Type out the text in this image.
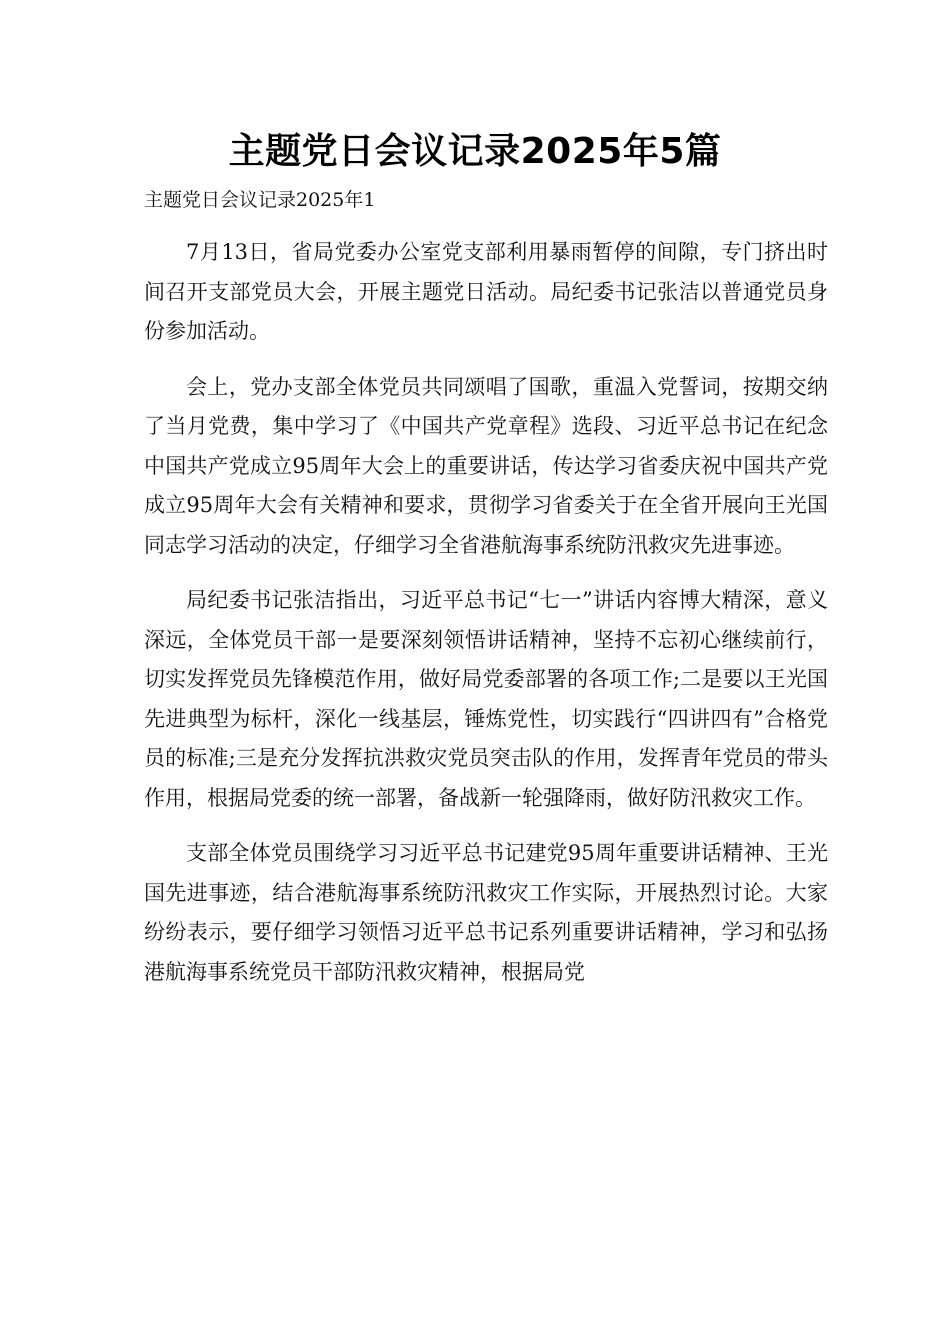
主题党日会议记录2025年5篇

主题党日会议记录2025年1

7月13日，省局党委办公室党支部利用暴雨暂停的间隙，专门挤出时间召开支部党员大会，开展主题党日活动。局纪委书记张洁以普通党员身份参加活动。

会上，党办支部全体党员共同颂唱了国歌，重温入党誓词，按期交纳了当月党费，集中学习了《中国共产党章程》选段、习近平总书记在纪念中国共产党成立95周年大会上的重要讲话，传达学习省委庆祝中国共产党成立95周年大会有关精神和要求，贯彻学习省委关于在全省开展向王光国同志学习活动的决定，仔细学习全省港航海事系统防汛救灾先进事迹。

局纪委书记张洁指出，习近平总书记“七一”讲话内容博大精深，意义深远，全体党员干部一是要深刻领悟讲话精神，坚持不忘初心继续前行，切实发挥党员先锋模范作用，做好局党委部署的各项工作;二是要以王光国先进典型为标杆，深化一线基层，锤炼党性，切实践行“四讲四有”合格党员的标准;三是充分发挥抗洪救灾党员突击队的作用，发挥青年党员的带头作用，根据局党委的统一部署，备战新一轮强降雨，做好防汛救灾工作。

支部全体党员围绕学习习近平总书记建党95周年重要讲话精神、王光国先进事迹，结合港航海事系统防汛救灾工作实际，开展热烈讨论。大家纷纷表示，要仔细学习领悟习近平总书记系列重要讲话精神，学习和弘扬港航海事系统党员干部防汛救灾精神，根据局党
